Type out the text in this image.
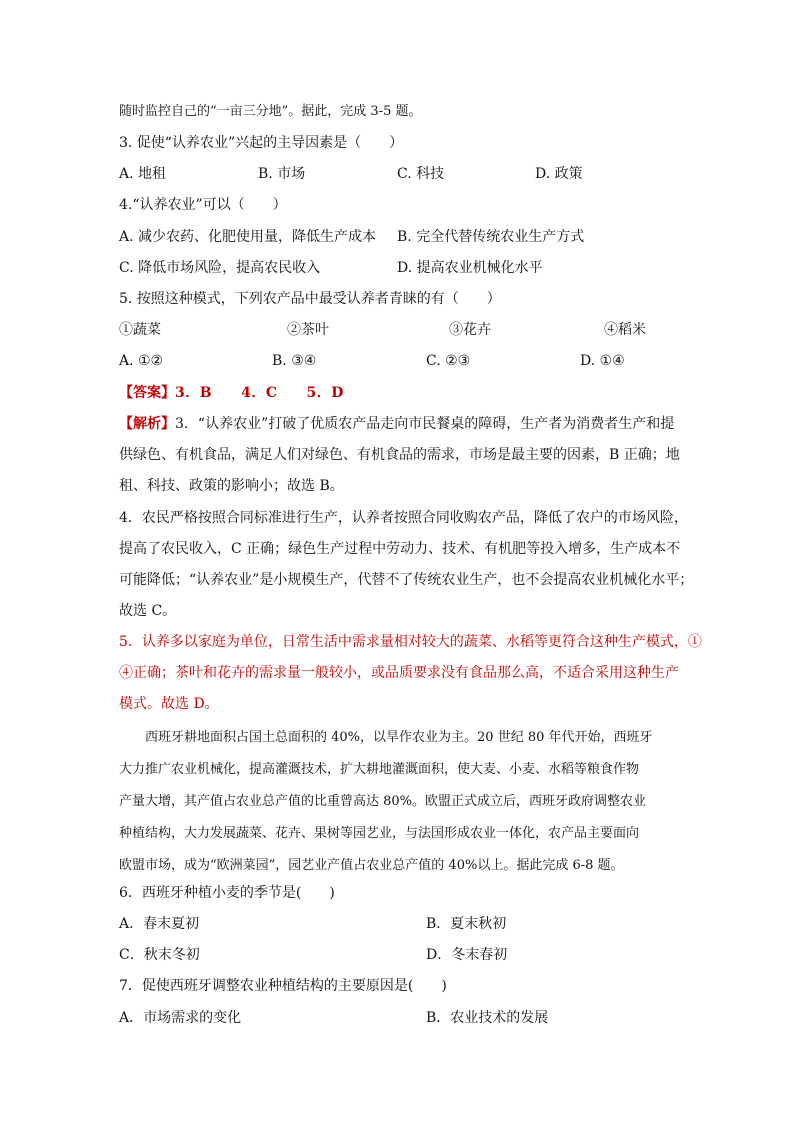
随时监控自己的“一亩三分地”。据此，完成 3-5 题。
3. 促使“认养农业”兴起的主导因素是（　　）
A. 地租	B. 市场	C. 科技	D. 政策
4.“认养农业”可以（　　）
A. 减少农药、化肥使用量，降低生产成本 B. 完全代替传统农业生产方式
C. 降低市场风险，提高农民收入	D. 提高农业机械化水平
5. 按照这种模式，下列农产品中最受认养者青睐的有（　　）
①蔬菜	②茶叶	③花卉	④稻米
A. ①②	B. ③④	C. ②③	D. ①④
【答案】3．B　　4．C　　5．D
【解析】3．“认养农业”打破了优质农产品走向市民餐桌的障碍，生产者为消费者生产和提
供绿色、有机食品，满足人们对绿色、有机食品的需求，市场是最主要的因素，B 正确；地
租、科技、政策的影响小；故选 B。
4．农民严格按照合同标准进行生产，认养者按照合同收购农产品，降低了农户的市场风险，
提高了农民收入，C 正确；绿色生产过程中劳动力、技术、有机肥等投入增多，生产成本不
可能降低；“认养农业”是小规模生产，代替不了传统农业生产，也不会提高农业机械化水平；
故选 C。
5．认养多以家庭为单位，日常生活中需求量相对较大的蔬菜、水稻等更符合这种生产模式，①
④正确；茶叶和花卉的需求量一般较小，或品质要求没有食品那么高，不适合采用这种生产
模式。故选 D。
　　西班牙耕地面积占国土总面积的 40%，以旱作农业为主。20 世纪 80 年代开始，西班牙
大力推广农业机械化，提高灌溉技术，扩大耕地灌溉面积，使大麦、小麦、水稻等粮食作物
产量大增，其产值占农业总产值的比重曾高达 80%。欧盟正式成立后，西班牙政府调整农业
种植结构，大力发展蔬菜、花卉、果树等园艺业，与法国形成农业一体化，农产品主要面向
欧盟市场，成为“欧洲菜园”，园艺业产值占农业总产值的 40%以上。据此完成 6-8 题。
6．西班牙种植小麦的季节是(　　)
A．春末夏初	B．夏末秋初
C．秋末冬初	D．冬末春初
7．促使西班牙调整农业种植结构的主要原因是(　　)
A．市场需求的变化	B．农业技术的发展
